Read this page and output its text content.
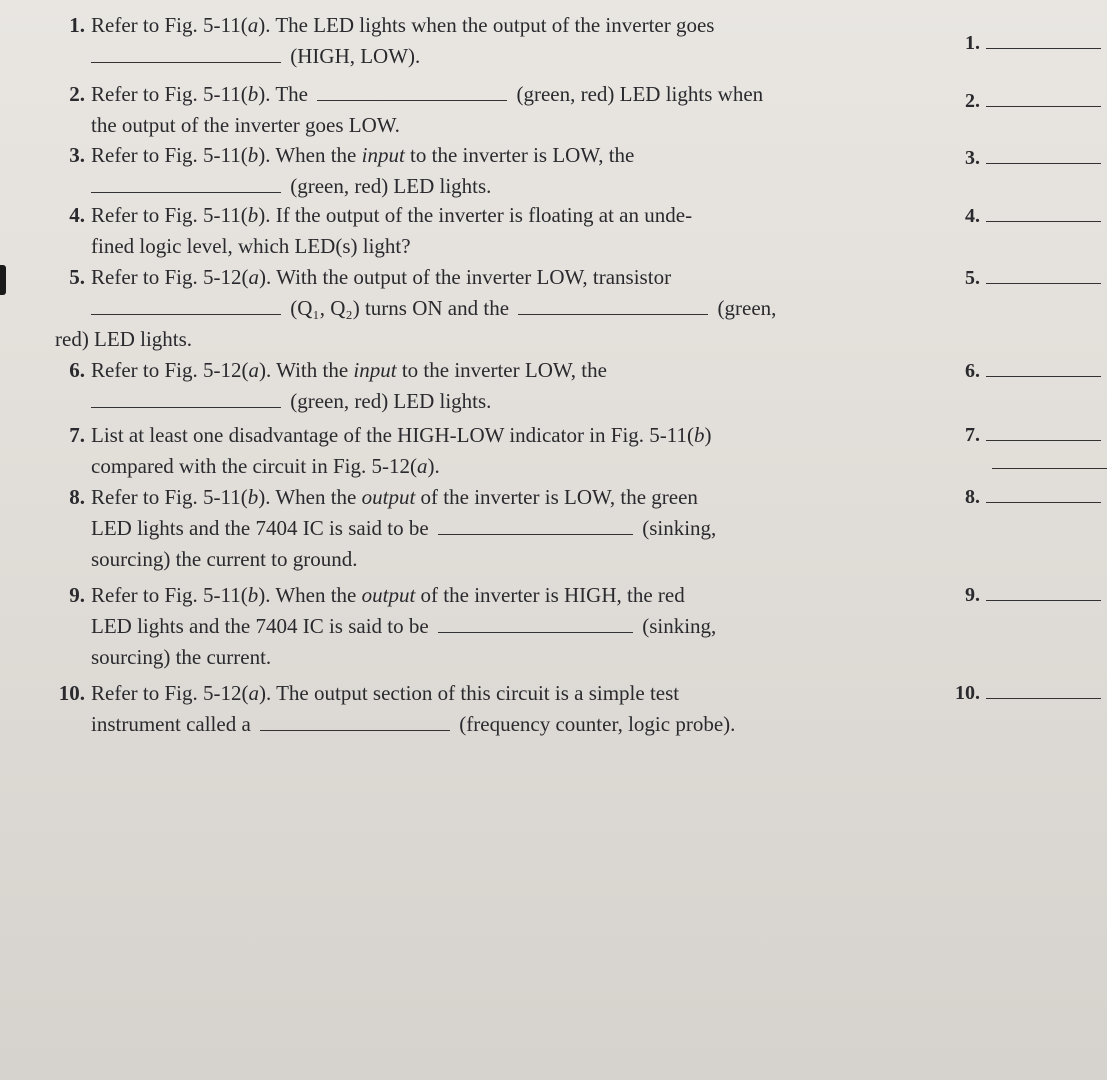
1. Refer to Fig. 5-11(a). The LED lights when the output of the inverter goes
(HIGH, LOW).
2. Refer to Fig. 5-11(b). The	(green, red) LED lights when
the output of the inverter goes LOW.
3. Refer to Fig. 5-11(b). When the input to the inverter is LOW, the
(green, red) LED lights.
4. Refer to Fig. 5-11(b). If the output of the inverter is floating at an unde-
fined logic level, which LED(s) light?
5. Refer to Fig. 5-12(a). With the output of the inverter LOW, transistor
(Q₁, Q₂) turns ON and the	(green,
red) LED lights.
6. Refer to Fig. 5-12(a). With the input to the inverter LOW, the
(green, red) LED lights.
7. List at least one disadvantage of the HIGH-LOW indicator in Fig. 5-11(b)
compared with the circuit in Fig. 5-12(a).
8. Refer to Fig. 5-11(b). When the output of the inverter is LOW, the green
LED lights and the 7404 IC is said to be	(sinking,
sourcing) the current to ground.
9. Refer to Fig. 5-11(b). When the output of the inverter is HIGH, the red
LED lights and the 7404 IC is said to be	(sinking,
sourcing) the current.
10. Refer to Fig. 5-12(a). The output section of this circuit is a simple test
instrument called a	(frequency counter, logic probe).
1.
2.
3.
4.
5.
6.
7.
8.
9.
10.
